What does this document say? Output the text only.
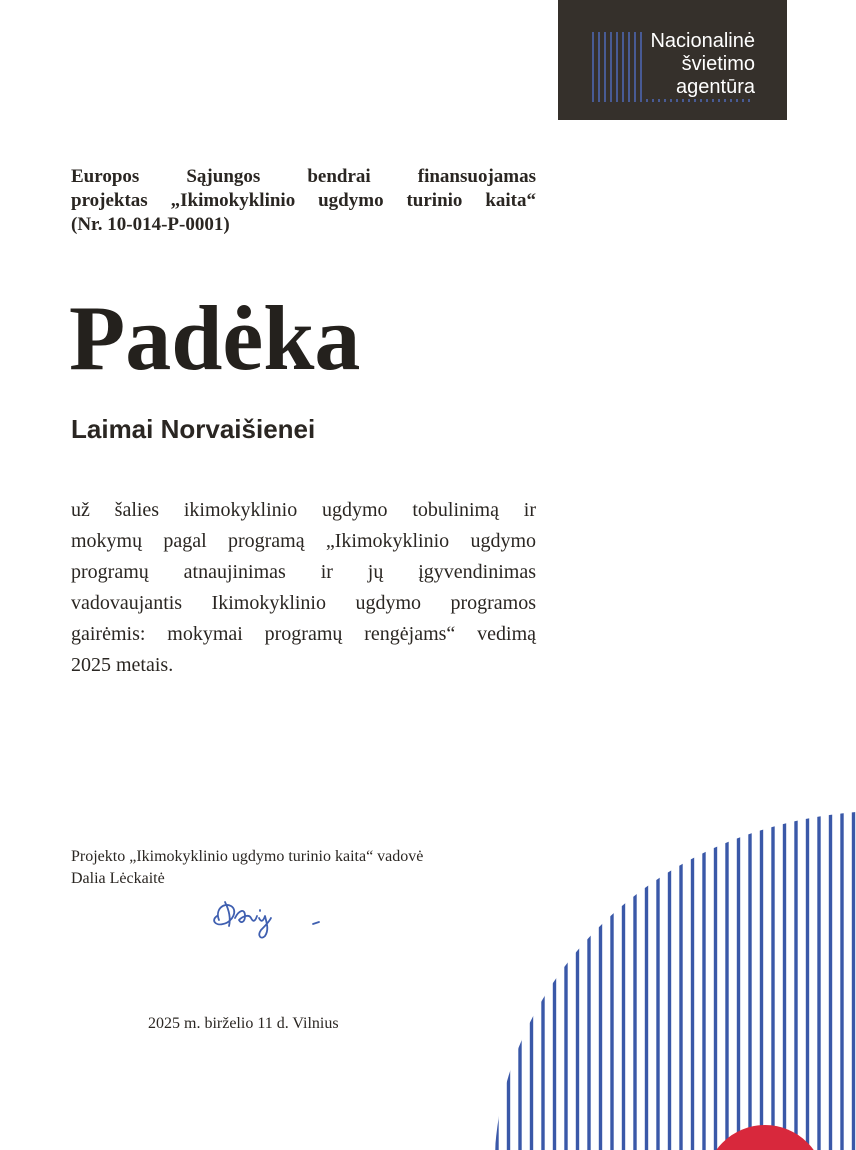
Nacionalinė
švietimo
agentūra

Europos Sąjungos bendrai finansuojamas
projektas „Ikimokyklinio ugdymo turinio kaita“
(Nr. 10-014-P-0001)

Padėka
Laimai Norvaišienei

už šalies ikimokyklinio ugdymo tobulinimą ir
mokymų pagal programą „Ikimokyklinio ugdymo
programų atnaujinimas ir jų įgyvendinimas
vadovaujantis Ikimokyklinio ugdymo programos
gairėmis: mokymai programų rengėjams“ vedimą
2025 metais.

Projekto „Ikimokyklinio ugdymo turinio kaita“ vadovė
Dalia Lėckaitė

2025 m. birželio 11 d. Vilnius
